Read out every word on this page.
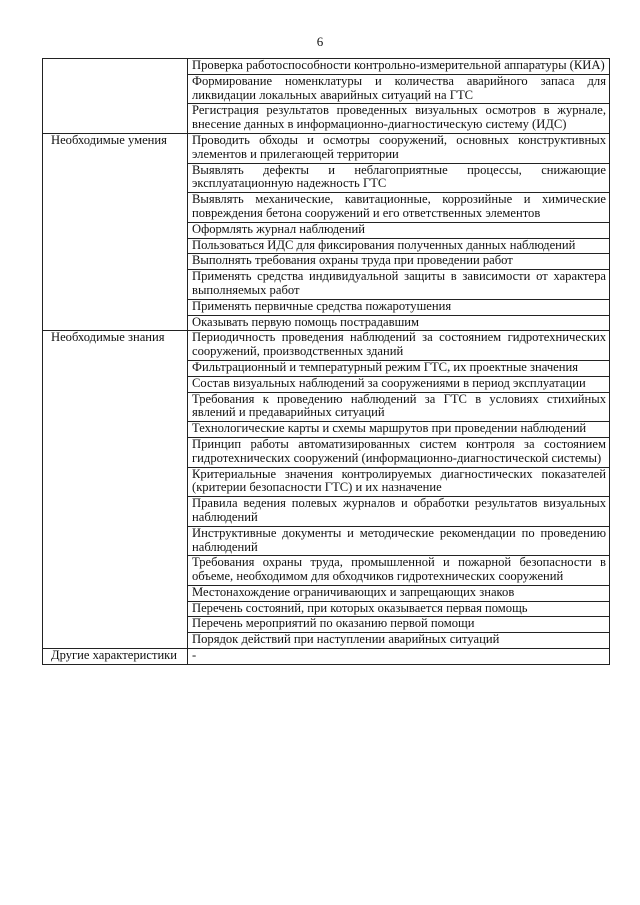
6
	Проверка работоспособности контрольно-измерительной аппаратуры (КИА)
	Формирование номенклатуры и количества аварийного запаса для ликвидации локальных аварийных ситуаций на ГТС
	Регистрация результатов проведенных визуальных осмотров в журнале, внесение данных в информационно-диагностическую систему (ИДС)
Необходимые умения	Проводить обходы и осмотры сооружений, основных конструктивных элементов и прилегающей территории
	Выявлять дефекты и неблагоприятные процессы, снижающие эксплуатационную надежность ГТС
	Выявлять механические, кавитационные, коррозийные и химические повреждения бетона сооружений и его ответственных элементов
	Оформлять журнал наблюдений
	Пользоваться ИДС для фиксирования полученных данных наблюдений
	Выполнять требования охраны труда при проведении работ
	Применять средства индивидуальной защиты в зависимости от характера выполняемых работ
	Применять первичные средства пожаротушения
	Оказывать первую помощь пострадавшим
Необходимые знания	Периодичность проведения наблюдений за состоянием гидротехнических сооружений, производственных зданий
	Фильтрационный и температурный режим ГТС, их проектные значения
	Состав визуальных наблюдений за сооружениями в период эксплуатации
	Требования к проведению наблюдений за ГТС в условиях стихийных явлений и предаварийных ситуаций
	Технологические карты и схемы маршрутов при проведении наблюдений
	Принцип работы автоматизированных систем контроля за состоянием гидротехнических сооружений (информационно-диагностической системы)
	Критериальные значения контролируемых диагностических показателей (критерии безопасности ГТС) и их назначение
	Правила ведения полевых журналов и обработки результатов визуальных наблюдений
	Инструктивные документы и методические рекомендации по проведению наблюдений
	Требования охраны труда, промышленной и пожарной безопасности в объеме, необходимом для обходчиков гидротехнических сооружений
	Местонахождение ограничивающих и запрещающих знаков
	Перечень состояний, при которых оказывается первая помощь
	Перечень мероприятий по оказанию первой помощи
	Порядок действий при наступлении аварийных ситуаций
Другие характеристики	-
